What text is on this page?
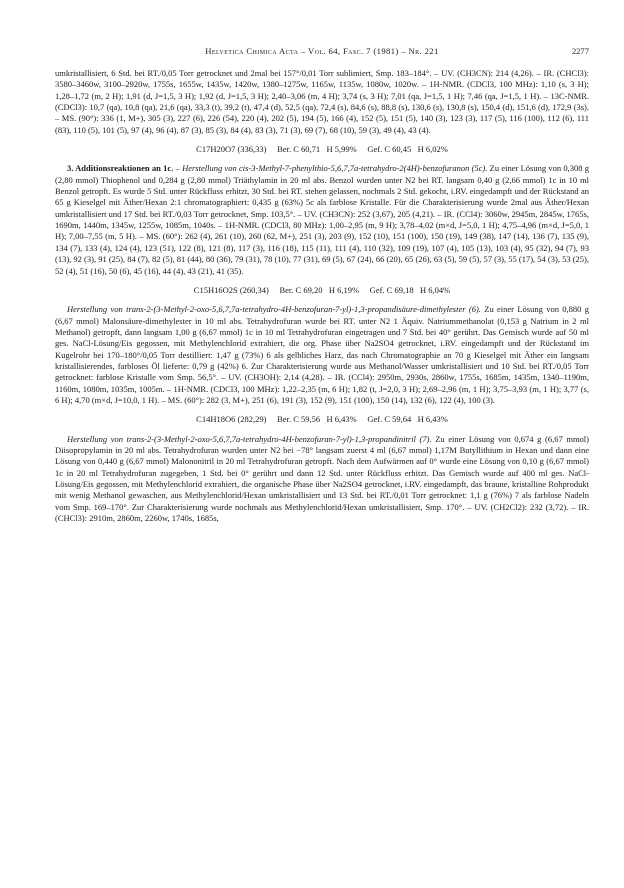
Helvetica Chimica Acta – Vol. 64, Fasc. 7 (1981) – Nr. 221	2277

umkristallisiert, 6 Std. bei RT./0,05 Torr getrocknet und 2mal bei 157°/0,01 Torr sublimiert, Smp. 183–184°. – UV. (CH3CN): 214 (4,26). – IR. (CHCl3): 3580–3460w, 3100–2920w, 1755s, 1655w, 1435w, 1420w, 1380–1275w, 1165w, 1135w, 1080w, 1020w. – 1H-NMR. (CDCl3, 100 MHz): 1,10 (s, 3 H); 1,28–1,72 (m, 2 H); 1,91 (d, J=1,5, 3 H); 1,92 (d, J=1,5, 3 H); 2,40–3,06 (m, 4 H); 3,74 (s, 3 H); 7,01 (qa, J=1,5, 1 H); 7,46 (qa, J=1,5, 1 H). – 13C-NMR. (CDCl3): 10,7 (qa), 10,8 (qa), 21,6 (qa), 33,3 (t), 39,2 (t), 47,4 (d), 52,5 (qa), 72,4 (s), 84,6 (s), 88,8 (s), 130,6 (s), 130,8 (s), 150,4 (d), 151,6 (d), 172,9 (3s). – MS. (90°): 336 (1, M+), 305 (3), 227 (6), 226 (54), 220 (4), 202 (5), 194 (5), 166 (4), 152 (5), 151 (5), 140 (3), 123 (3), 117 (5), 116 (100), 112 (6), 111 (83), 110 (5), 101 (5), 97 (4), 96 (4), 87 (3), 85 (3), 84 (4), 83 (3), 71 (3), 69 (7), 68 (10), 59 (3), 49 (4), 43 (4).

C17H20O7 (336,33)     Ber. C 60,71   H 5,99%     Gef. C 60,45   H 6,02%

3. Additionsreaktionen an 1c. – Herstellung von cis-3-Methyl-7-phenylthio-5,6,7,7a-tetrahydro-2(4H)-benzofuranon (5c). Zu einer Lösung von 0,308 g (2,80 mmol) Thiophenol und 0,284 g (2,80 mmol) Triäthylamin in 20 ml abs. Benzol wurden unter N2 bei RT. langsam 0,40 g (2,66 mmol) 1c in 10 ml Benzol getropft. Es wurde 5 Std. unter Rückfluss erhitzt, 30 Std. bei RT. stehen gelassen, nochmals 2 Std. gekocht, i.RV. eingedampft und der Rückstand an 65 g Kieselgel mit Äther/Hexan 2:1 chromatographiert: 0,435 g (63%) 5c als farblose Kristalle. Für die Charakterisierung wurde 2mal aus Äther/Hexan umkristallisiert und 17 Std. bei RT./0,03 Torr getrocknet, Smp. 103,5°. – UV. (CH3CN): 252 (3,67), 205 (4,21). – IR. (CCl4): 3060w, 2945m, 2845w, 1765s, 1690m, 1440m, 1345w, 1255w, 1085m, 1040s. – 1H-NMR. (CDCl3, 80 MHz): 1,00–2,95 (m, 9 H); 3,78–4,02 (m×d, J=5,0, 1 H); 4,75–4,96 (m×d, J=5,0, 1 H); 7,00–7,55 (m, 5 H). – MS. (60°): 262 (4), 261 (10), 260 (62, M+), 251 (3), 203 (9), 152 (10), 151 (100), 150 (19), 149 (38), 147 (14), 136 (7), 135 (9), 134 (7), 133 (4), 124 (4), 123 (51), 122 (8), 121 (8), 117 (3), 116 (18), 115 (11), 111 (4), 110 (32), 109 (19), 107 (4), 105 (13), 103 (4), 95 (32), 94 (7), 93 (13), 92 (3), 91 (25), 84 (7), 82 (5), 81 (44), 80 (36), 79 (31), 78 (10), 77 (31), 69 (5), 67 (24), 66 (20), 65 (26), 63 (5), 59 (5), 57 (3), 55 (17), 54 (3), 53 (25), 52 (4), 51 (16), 50 (6), 45 (16), 44 (4), 43 (21), 41 (35).

C15H16O2S (260,34)     Ber. C 69,20   H 6,19%     Gef. C 69,18   H 6,04%

Herstellung von trans-2-(3-Methyl-2-oxo-5,6,7,7a-tetrahydro-4H-benzofuran-7-yl)-1,3-propandisäure-dimethylester (6). Zu einer Lösung von 0,880 g (6,67 mmol) Malonsäure-dimethylester in 10 ml abs. Tetrahydrofuran wurde bei RT. unter N2 1 Äquiv. Natriummethanolat (0,153 g Natrium in 2 ml Methanol) getropft, dann langsam 1,00 g (6,67 mmol) 1c in 10 ml Tetrahydrofuran eingetragen und 7 Std. bei 40° gerührt. Das Gemisch wurde auf 50 ml ges. NaCl-Lösung/Eis gegossen, mit Methylenchlorid extrahiert, die org. Phase über Na2SO4 getrocknet, i.RV. eingedampft und der Rückstand im Kugelrohr bei 170–180°/0,05 Torr destilliert: 1,47 g (73%) 6 als gelbliches Harz, das nach Chromatographie an 70 g Kieselgel mit Äther ein langsam kristallisierendes, farbloses Öl lieferte: 0,79 g (42%) 6. Zur Charakterisierung wurde aus Methanol/Wasser umkristallisiert und 10 Std. bei RT./0,05 Torr getrocknet: farblose Kristalle vom Smp. 56,5°. – UV. (CH3OH): 2,14 (4,28). – IR. (CCl4): 2950m, 2930s, 2860w, 1755s, 1685m, 1435m, 1340–1190m, 1160m, 1080m, 1035m, 1005m. – 1H-NMR. (CDCl3, 100 MHz): 1,22–2,35 (m, 6 H); 1,82 (t, J=2,0, 3 H); 2,69–2,96 (m, 1 H); 3,75–3,93 (m, 1 H); 3,77 (s, 6 H); 4,70 (m×d, J=10,0, 1 H). – MS. (60°): 282 (3, M+), 251 (6), 191 (3), 152 (9), 151 (100), 150 (14), 132 (6), 122 (4), 100 (3).

C14H18O6 (282,29)     Ber. C 59,56   H 6,43%     Gef. C 59,64   H 6,43%

Herstellung von trans-2-(3-Methyl-2-oxo-5,6,7,7a-tetrahydro-4H-benzofuran-7-yl)-1,3-propandinitril (7). Zu einer Lösung von 0,674 g (6,67 mmol) Diisopropylamin in 20 ml abs. Tetrahydrofuran wurden unter N2 bei −78° langsam zuerst 4 ml (6,67 mmol) 1,17M Butyllithium in Hexan und dann eine Lösung von 0,440 g (6,67 mmol) Malononitril in 20 ml Tetrahydrofuran getropft. Nach dem Aufwärmen auf 0° wurde eine Lösung von 0,10 g (6,67 mmol) 1c in 20 ml Tetrahydrofuran zugegeben, 1 Std. bei 0° gerührt und dann 12 Std. unter Rückfluss erhitzt. Das Gemisch wurde auf 400 ml ges. NaCl-Lösung/Eis gegossen, mit Methylenchlorid extrahiert, die organische Phase über Na2SO4 getrocknet, i.RV. eingedampft, das braune, kristalline Rohprodukt mit wenig Methanol gewaschen, aus Methylenchlorid/Hexan umkristallisiert und 13 Std. bei RT./0,01 Torr getrocknet: 1,1 g (76%) 7 als farblose Nadeln vom Smp. 169–170°. Zur Charakterisierung wurde nochmals aus Methylenchlorid/Hexan umkristallisiert, Smp. 170°. – UV. (CH2Cl2): 232 (3,72). – IR. (CHCl3): 2910m, 2860m, 2260w, 1740s, 1685s,
